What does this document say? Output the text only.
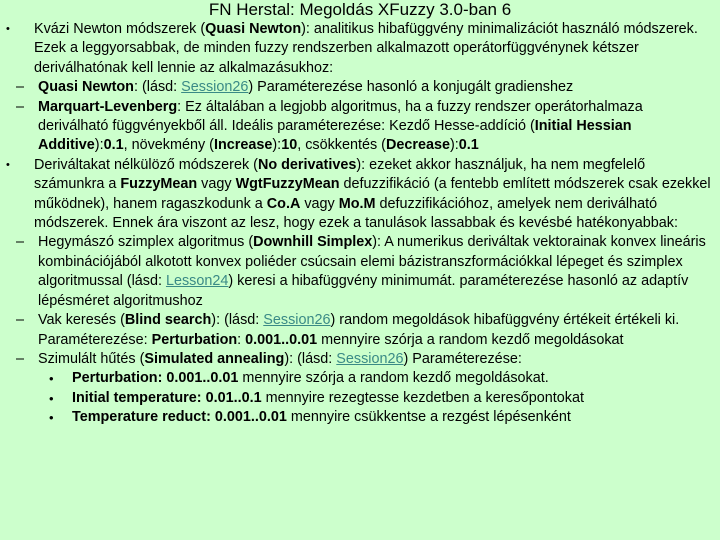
FN Herstal: Megoldás XFuzzy 3.0-ban 6
• Kvázi Newton módszerek (Quasi Newton): analitikus hibafüggvény minimalizációt használó módszerek. Ezek a leggyorsabbak, de minden fuzzy rendszerben alkalmazott operátorfüggvénynek kétszer deriválhatónak kell lennie az alkalmazásukhoz:
– Quasi Newton: (lásd: Session26) Paraméterezése hasonló a konjugált gradienshez
– Marquart-Levenberg: Ez általában a legjobb algoritmus, ha a fuzzy rendszer operátorhalmaza deriválható függvényekből áll. Ideális paraméterezése: Kezdő Hesse-addíció (Initial Hessian Additive):0.1, növekmény (Increase):10, csökkentés (Decrease):0.1
• Deriváltakat nélkülöző módszerek (No derivatives): ezeket akkor használjuk, ha nem megfelelő számunkra a FuzzyMean vagy WgtFuzzyMean defuzzifikáció (a fentebb említett módszerek csak ezekkel működnek), hanem ragaszkodunk a Co.A vagy Mo.M defuzzifikációhoz, amelyek nem deriválható módszerek. Ennek ára viszont az lesz, hogy ezek a tanulások lassabbak és kevésbé hatékonyabbak:
– Hegymászó szimplex algoritmus (Downhill Simplex): A numerikus deriváltak vektorainak konvex lineáris kombinációjából alkotott konvex poliéder csúcsain elemi bázistranszformációkkal lépeget és szimplex algoritmussal (lásd: Lesson24) keresi a hibafüggvény minimumát. paraméterezése hasonló az adaptív lépésméret algoritmushoz
– Vak keresés (Blind search): (lásd: Session26) random megoldások hibafüggvény értékeit értékeli ki. Paraméterezése: Perturbation: 0.001..0.01 mennyire szórja a random kezdő megoldásokat
– Szimulált hűtés (Simulated annealing): (lásd: Session26) Paraméterezése:
• Perturbation: 0.001..0.01 mennyire szórja a random kezdő megoldásokat.
• Initial temperature: 0.01..0.1 mennyire rezegtesse kezdetben a keresőpontokat
• Temperature reduct: 0.001..0.01 mennyire csükkentse a rezgést lépésenként
